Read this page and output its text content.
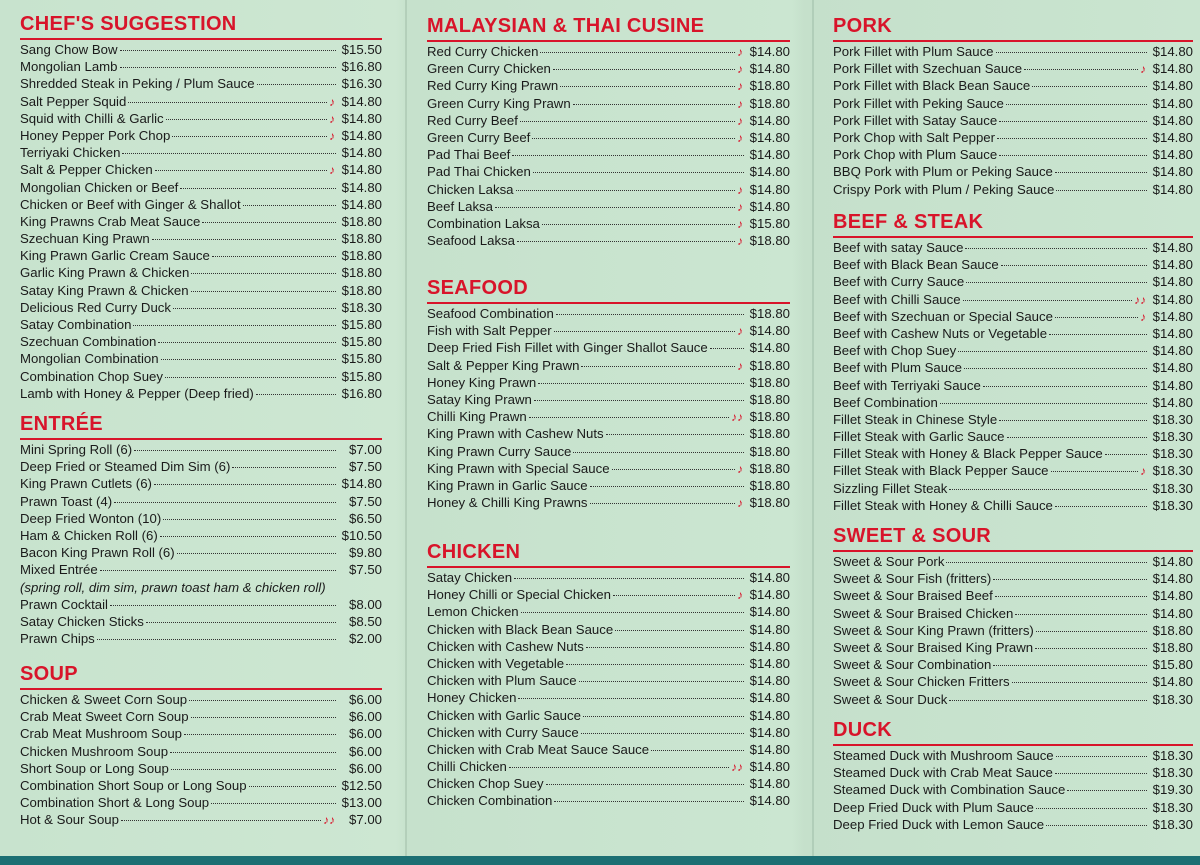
CHEF'S SUGGESTION
Sang Chow Bow	$15.50
Mongolian Lamb	$16.80
Shredded Steak in Peking / Plum Sauce	$16.30
Salt Pepper Squid	♪ $14.80
Squid with Chilli & Garlic	♪ $14.80
Honey Pepper Pork Chop	♪ $14.80
Terriyaki Chicken	$14.80
Salt & Pepper Chicken	♪ $14.80
Mongolian Chicken or Beef	$14.80
Chicken or Beef with Ginger & Shallot	$14.80
King Prawns Crab Meat Sauce	$18.80
Szechuan King Prawn	$18.80
King Prawn Garlic Cream Sauce	$18.80
Garlic King Prawn & Chicken	$18.80
Satay King Prawn & Chicken	$18.80
Delicious Red Curry Duck	$18.30
Satay Combination	$15.80
Szechuan Combination	$15.80
Mongolian Combination	$15.80
Combination Chop Suey	$15.80
Lamb with Honey & Pepper (Deep fried)	$16.80
ENTRÉE
Mini Spring Roll (6)	$7.00
Deep Fried or Steamed Dim Sim (6)	$7.50
King Prawn Cutlets (6)	$14.80
Prawn Toast (4)	$7.50
Deep Fried Wonton (10)	$6.50
Ham & Chicken Roll (6)	$10.50
Bacon King Prawn Roll (6)	$9.80
Mixed Entrée	$7.50
(spring roll, dim sim, prawn toast ham & chicken roll)
Prawn Cocktail	$8.00
Satay Chicken Sticks	$8.50
Prawn Chips	$2.00
SOUP
Chicken & Sweet Corn Soup	$6.00
Crab Meat Sweet Corn Soup	$6.00
Crab Meat Mushroom Soup	$6.00
Chicken Mushroom Soup	$6.00
Short Soup or Long Soup	$6.00
Combination Short Soup or Long Soup	$12.50
Combination Short & Long Soup	$13.00
Hot & Sour Soup	♪♪	$7.00
MALAYSIAN & THAI CUSINE
Red Curry Chicken	♪ $14.80
Green Curry Chicken	♪ $14.80
Red Curry King Prawn	♪ $18.80
Green Curry King Prawn	♪ $18.80
Red Curry Beef	♪ $14.80
Green Curry Beef	♪ $14.80
Pad Thai Beef	$14.80
Pad Thai Chicken	$14.80
Chicken Laksa	♪ $14.80
Beef Laksa	♪ $14.80
Combination Laksa	♪ $15.80
Seafood Laksa	♪ $18.80
SEAFOOD
Seafood Combination	$18.80
Fish with Salt Pepper	♪ $14.80
Deep Fried Fish Fillet with Ginger Shallot Sauce	$14.80
Salt & Pepper King Prawn	♪ $18.80
Honey King Prawn	$18.80
Satay King Prawn	$18.80
Chilli King Prawn	♪♪ $18.80
King Prawn with Cashew Nuts	$18.80
King Prawn Curry Sauce	$18.80
King Prawn with Special Sauce	♪ $18.80
King Prawn in Garlic Sauce	$18.80
Honey & Chilli King Prawns	♪ $18.80
CHICKEN
Satay Chicken	$14.80
Honey Chilli or Special Chicken	♪ $14.80
Lemon Chicken	$14.80
Chicken with Black Bean Sauce	$14.80
Chicken with Cashew Nuts	$14.80
Chicken with Vegetable	$14.80
Chicken with Plum Sauce	$14.80
Honey Chicken	$14.80
Chicken with Garlic Sauce	$14.80
Chicken with Curry Sauce	$14.80
Chicken with Crab Meat Sauce Sauce	$14.80
Chilli Chicken	♪♪ $14.80
Chicken Chop Suey	$14.80
Chicken Combination	$14.80
PORK
Pork Fillet with Plum Sauce	$14.80
Pork Fillet with Szechuan Sauce	♪ $14.80
Pork Fillet with Black Bean Sauce	$14.80
Pork Fillet with Peking Sauce	$14.80
Pork Fillet with Satay Sauce	$14.80
Pork Chop with Salt Pepper	$14.80
Pork Chop with Plum Sauce	$14.80
BBQ Pork with Plum or Peking Sauce	$14.80
Crispy Pork with Plum / Peking Sauce	$14.80
BEEF & STEAK
Beef with satay Sauce	$14.80
Beef with Black Bean Sauce	$14.80
Beef with Curry Sauce	$14.80
Beef with Chilli Sauce	♪♪ $14.80
Beef with Szechuan or Special Sauce	♪ $14.80
Beef with Cashew Nuts or Vegetable	$14.80
Beef with Chop Suey	$14.80
Beef with Plum Sauce	$14.80
Beef with Terriyaki Sauce	$14.80
Beef Combination	$14.80
Fillet Steak in Chinese Style	$18.30
Fillet Steak with Garlic Sauce	$18.30
Fillet Steak with Honey & Black Pepper Sauce	$18.30
Fillet Steak with Black Pepper Sauce	♪ $18.30
Sizzling Fillet Steak	$18.30
Fillet Steak with Honey & Chilli Sauce	$18.30
SWEET & SOUR
Sweet & Sour Pork	$14.80
Sweet & Sour Fish (fritters)	$14.80
Sweet & Sour Braised Beef	$14.80
Sweet & Sour Braised Chicken	$14.80
Sweet & Sour King Prawn (fritters)	$18.80
Sweet & Sour Braised King Prawn	$18.80
Sweet & Sour Combination	$15.80
Sweet & Sour Chicken Fritters	$14.80
Sweet & Sour Duck	$18.30
DUCK
Steamed Duck with Mushroom Sauce	$18.30
Steamed Duck with Crab Meat Sauce	$18.30
Steamed Duck with Combination Sauce	$19.30
Deep Fried Duck with Plum Sauce	$18.30
Deep Fried Duck with Lemon Sauce	$18.30
